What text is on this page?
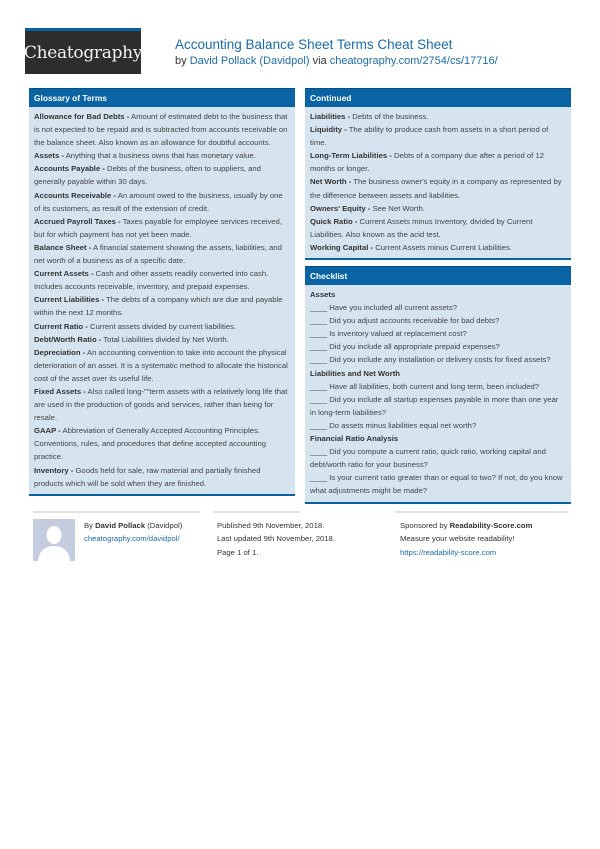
Cheatography Accounting Balance Sheet Terms Cheat Sheet
by David Pollack (Davidpol) via cheatography.com/2754/cs/17716/
Glossary of Terms
Allowance for Bad Debts - Amount of estimated debt to the business that is not expected to be repaid and is subtracted from accounts receivable on the balance sheet. Also known as an allowance for doubtful accounts.
Assets - Anything that a business owns that has monetary value.
Accounts Payable - Debts of the business, often to suppliers, and generally payable within 30 days.
Accounts Receivable - An amount owed to the business, usually by one of its customers, as result of the extension of credit.
Accrued Payroll Taxes - Taxes payable for employee services received, but for which payment has not yet been made.
Balance Sheet - A financial statement showing the assets, liabilities, and net worth of a business as of a specific date.
Current Assets - Cash and other assets readily converted into cash. Includes accounts receivable, inventory, and prepaid expenses.
Current Liabilities - The debts of a company which are due and payable within the next 12 months.
Current Ratio - Current assets divided by current liabilities.
Debt/Worth Ratio - Total Liabilities divided by Net Worth.
Depreciation - An accounting convention to take into account the physical deterioration of an asset. It is a systematic method to allocate the historical cost of the asset over its useful life.
Fixed Assets - Also called long-""term assets with a relatively long life that are used in the production of goods and services, rather than being for resale.
GAAP - Abbreviation of Generally Accepted Accounting Principles. Conventions, rules, and procedures that define accepted accounting practice.
Inventory - Goods held for sale, raw material and partially finished products which will be sold when they are finished.
Continued
Liabilities - Debts of the business.
Liquidity - The ability to produce cash from assets in a short period of time.
Long-Term Liabilities - Debts of a company due after a period of 12 months or longer.
Net Worth - The business owner's equity in a company as represented by the difference between assets and liabilities.
Owners' Equity - See Net Worth.
Quick Ratio - Current Assets minus Inventory, divided by Current Liabilities. Also known as the acid test.
Working Capital - Current Assets minus Current Liabilities.
Checklist
Assets
____ Have you included all current assets?
____ Did you adjust accounts receivable for bad debts?
____ Is inventory valued at replacement cost?
____ Did you include all appropriate prepaid expenses?
____ Did you include any installation or delivery costs for fixed assets?
Liabilities and Net Worth
____ Have all liabilities, both current and long term, been included?
____ Did you include all startup expenses payable in more than one year in long-term liabilities?
____ Do assets minus liabilities equal net worth?
Financial Ratio Analysis
____ Did you compute a current ratio, quick ratio, working capital and debt/worth ratio for your business?
____ Is your current ratio greater than or equal to two? If not, do you know what adjustments might be made?
By David Pollack (Davidpol)
cheatography.com/davidpol/
Published 9th November, 2018.
Last updated 9th November, 2018.
Page 1 of 1.
Sponsored by Readability-Score.com
Measure your website readability!
https://readability-score.com
